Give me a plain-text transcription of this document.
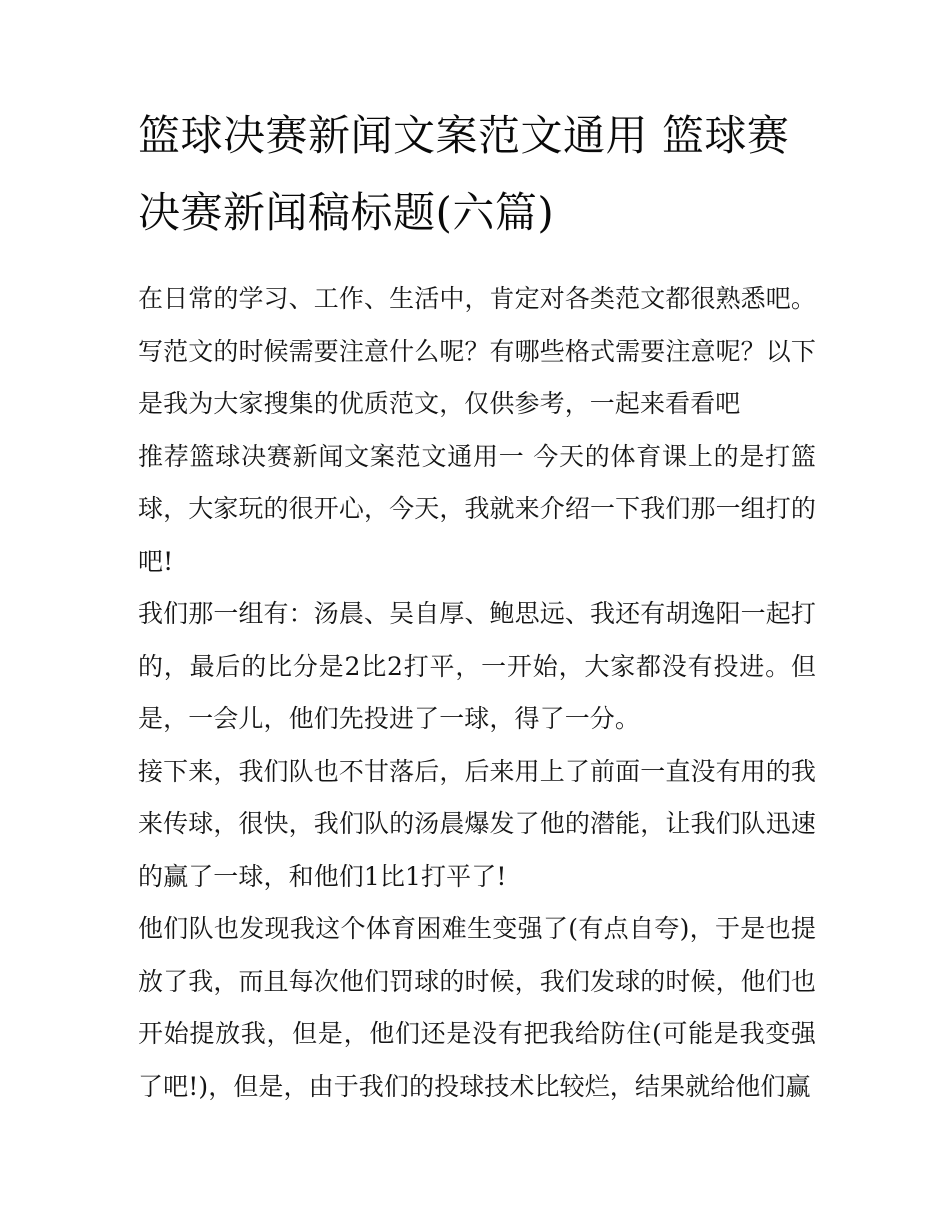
篮球决赛新闻文案范文通用 篮球赛决赛新闻稿标题(六篇)

在日常的学习、工作、生活中，肯定对各类范文都很熟悉吧。写范文的时候需要注意什么呢？有哪些格式需要注意呢？以下是我为大家搜集的优质范文，仅供参考，一起来看看吧

推荐篮球决赛新闻文案范文通用一 今天的体育课上的是打篮球，大家玩的很开心，今天，我就来介绍一下我们那一组打的吧!

我们那一组有：汤晨、吴自厚、鲍思远、我还有胡逸阳一起打的，最后的比分是2比2打平，一开始，大家都没有投进。但是，一会儿，他们先投进了一球，得了一分。

接下来，我们队也不甘落后，后来用上了前面一直没有用的我来传球，很快，我们队的汤晨爆发了他的潜能，让我们队迅速的赢了一球，和他们1比1打平了!

他们队也发现我这个体育困难生变强了(有点自夸)，于是也提放了我，而且每次他们罚球的时候，我们发球的时候，他们也开始提放我，但是，他们还是没有把我给防住(可能是我变强了吧!)，但是，由于我们的投球技术比较烂，结果就给他们赢
